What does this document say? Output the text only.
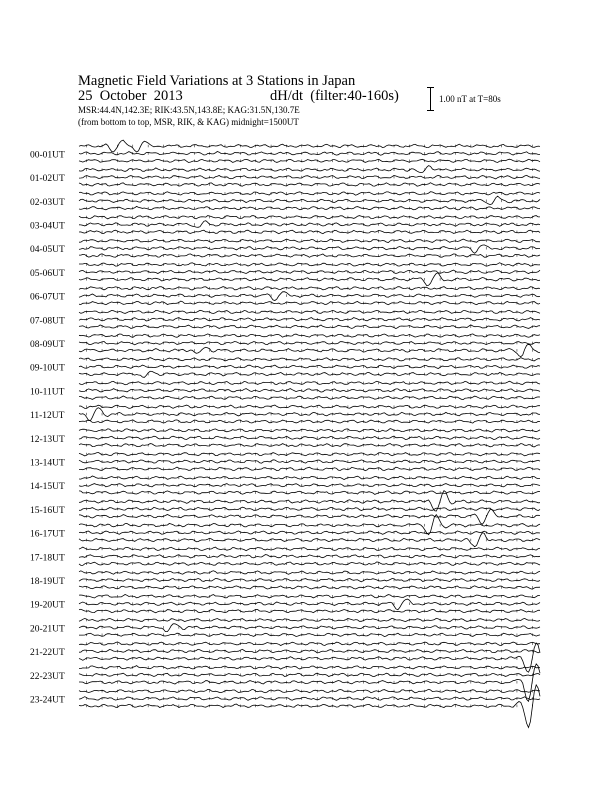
Magnetic Field Variations at 3 Stations in Japan
25  October  2013	dH/dt  (filter:40-160s)
MSR:44.4N,142.3E; RIK:43.5N,143.8E; KAG:31.5N,130.7E
(from bottom to top, MSR, RIK, & KAG) midnight=1500UT
1.00 nT at T=80s
00-01UT
01-02UT
02-03UT
03-04UT
04-05UT
05-06UT
06-07UT
07-08UT
08-09UT
09-10UT
10-11UT
11-12UT
12-13UT
13-14UT
14-15UT
15-16UT
16-17UT
17-18UT
18-19UT
19-20UT
20-21UT
21-22UT
22-23UT
23-24UT
